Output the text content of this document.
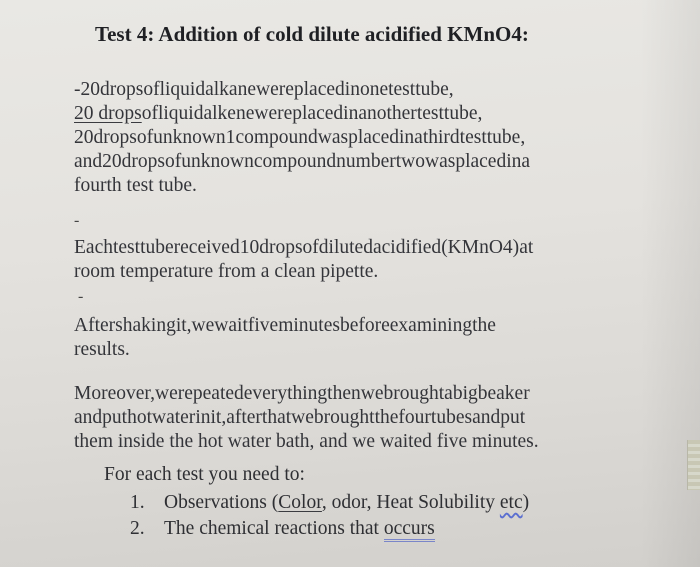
Test 4: Addition of cold dilute acidified KMnO4:
-20dropsofliquidalkanewereplacedinonetesttube,
20 dropsofliquidalkenewereplacedinanothertesttube,
20dropsofunknown1compoundwasplacedinathirdtesttube,
and20dropsofunknowncompoundnumbertwowasplacedina
fourth test tube.
-
Eachtesttubereceived10dropsofdilutedacidified(KMnO4)at
room temperature from a clean pipette.
-
Aftershakingit,wewaitfiveminutesbeforeexaminingthe
results.
Moreover,werepeatedeverythingthenwebroughtabigbeaker
andputhotwaterinit,afterthatwebroughtthefourtubesandput
them inside the hot water bath, and we waited five minutes.
For each test you need to:
1. Observations (Color, odor, Heat Solubility etc)
2. The chemical reactions that occurs
